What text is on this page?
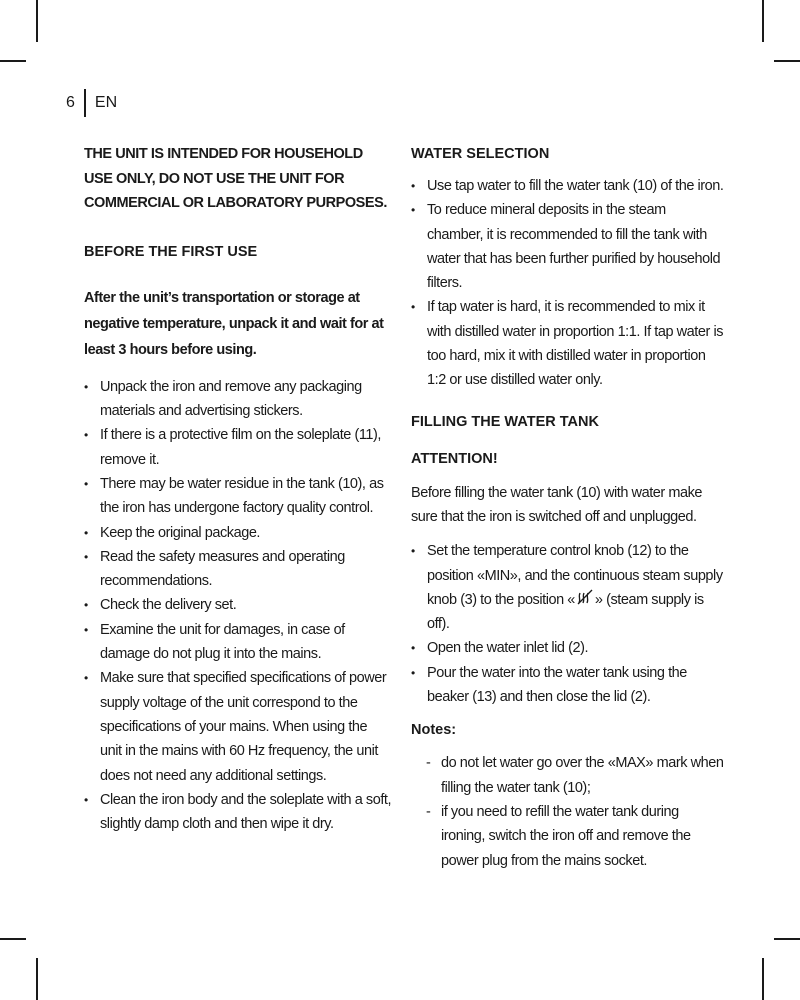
6	EN

THE UNIT IS INTENDED FOR HOUSEHOLD USE ONLY, DO NOT USE THE UNIT FOR COMMERCIAL OR LABORATORY PURPOSES.

BEFORE THE FIRST USE

After the unit’s transportation or storage at negative temperature, unpack it and wait for at least 3 hours before using.

• Unpack the iron and remove any packaging materials and advertising stickers.
• If there is a protective film on the soleplate (11), remove it.
• There may be water residue in the tank (10), as the iron has undergone factory quality control.
• Keep the original package.
• Read the safety measures and operating recommendations.
• Check the delivery set.
• Examine the unit for damages, in case of damage do not plug it into the mains.
• Make sure that specified specifications of power supply voltage of the unit correspond to the specifications of your mains. When using the unit in the mains with 60 Hz frequency, the unit does not need any additional settings.
• Clean the iron body and the soleplate with a soft, slightly damp cloth and then wipe it dry.
WATER SELECTION
• Use tap water to fill the water tank (10) of the iron.
• To reduce mineral deposits in the steam chamber, it is recommended to fill the tank with water that has been further purified by household filters.
• If tap water is hard, it is recommended to mix it with distilled water in proportion 1:1. If tap water is too hard, mix it with distilled water in proportion 1:2 or use distilled water only.
FILLING THE WATER TANK
ATTENTION!

Before filling the water tank (10) with water make sure that the iron is switched off and unplugged.

• Set the temperature control knob (12) to the position «MIN», and the continuous steam supply knob (3) to the position « » (steam supply is off).
• Open the water inlet lid (2).
• Pour the water into the water tank using the beaker (13) and then close the lid (2).
Notes:
- do not let water go over the «MAX» mark when filling the water tank (10);
- if you need to refill the water tank during ironing, switch the iron off and remove the power plug from the mains socket.
